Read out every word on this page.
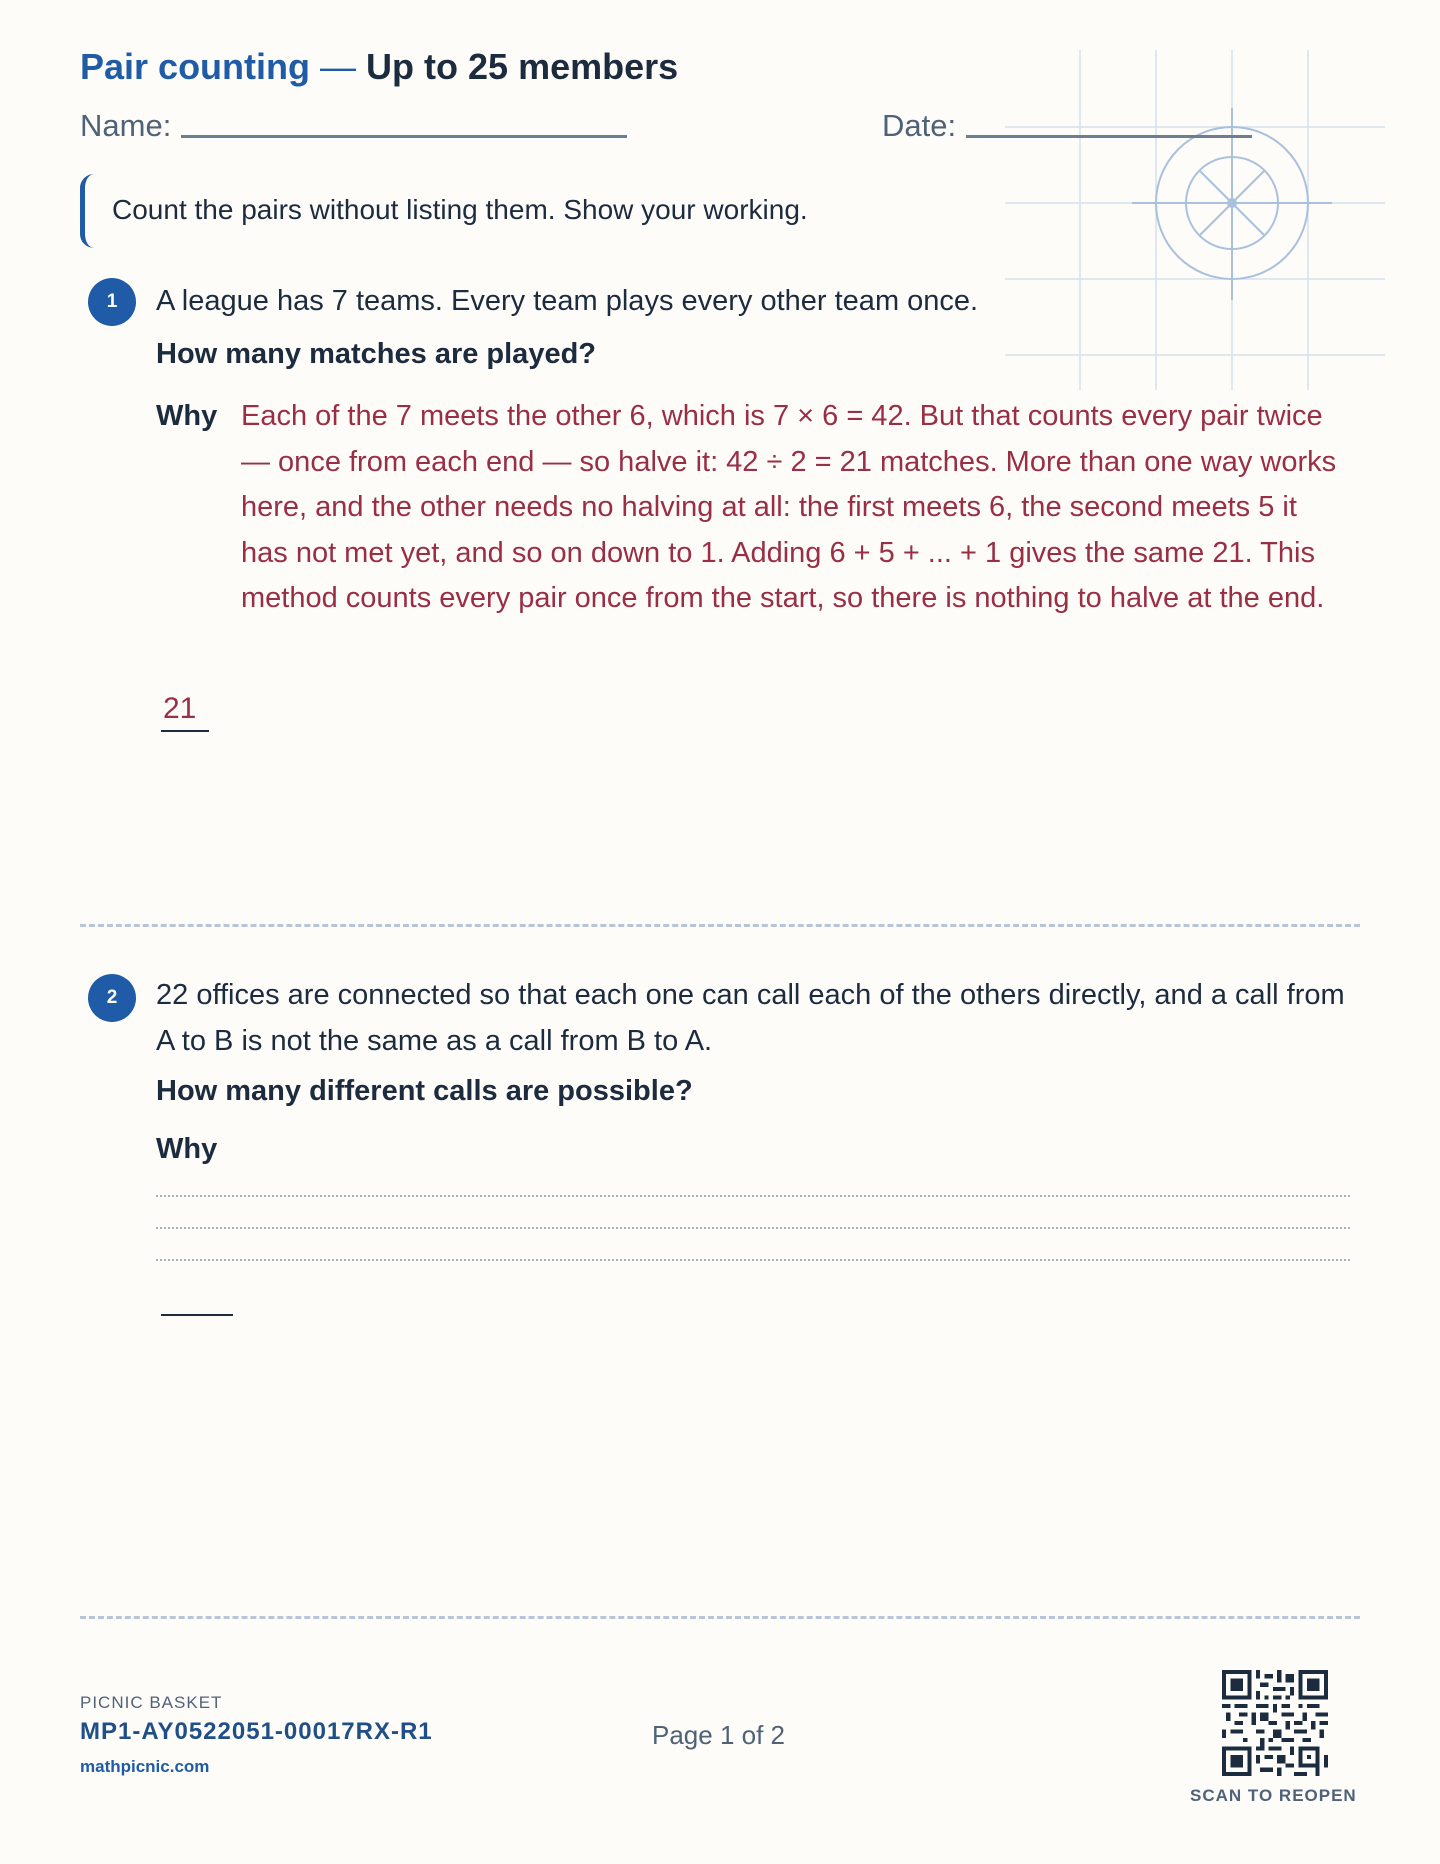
Pair counting — Up to 25 members
Name:	Date:
Count the pairs without listing them. Show your working.
1	A league has 7 teams. Every team plays every other team once.
How many matches are played?
Why Each of the 7 meets the other 6, which is 7 × 6 = 42. But that counts every pair twice — once from each end — so halve it: 42 ÷ 2 = 21 matches. More than one way works here, and the other needs no halving at all: the first meets 6, the second meets 5 it has not met yet, and so on down to 1. Adding 6 + 5 + ... + 1 gives the same 21. This method counts every pair once from the start, so there is nothing to halve at the end.
21
2	22 offices are connected so that each one can call each of the others directly, and a call from A to B is not the same as a call from B to A.
How many different calls are possible?
Why
PICNIC BASKET
MP1-AY0522051-00017RX-R1
mathpicnic.com
Page 1 of 2
SCAN TO REOPEN
